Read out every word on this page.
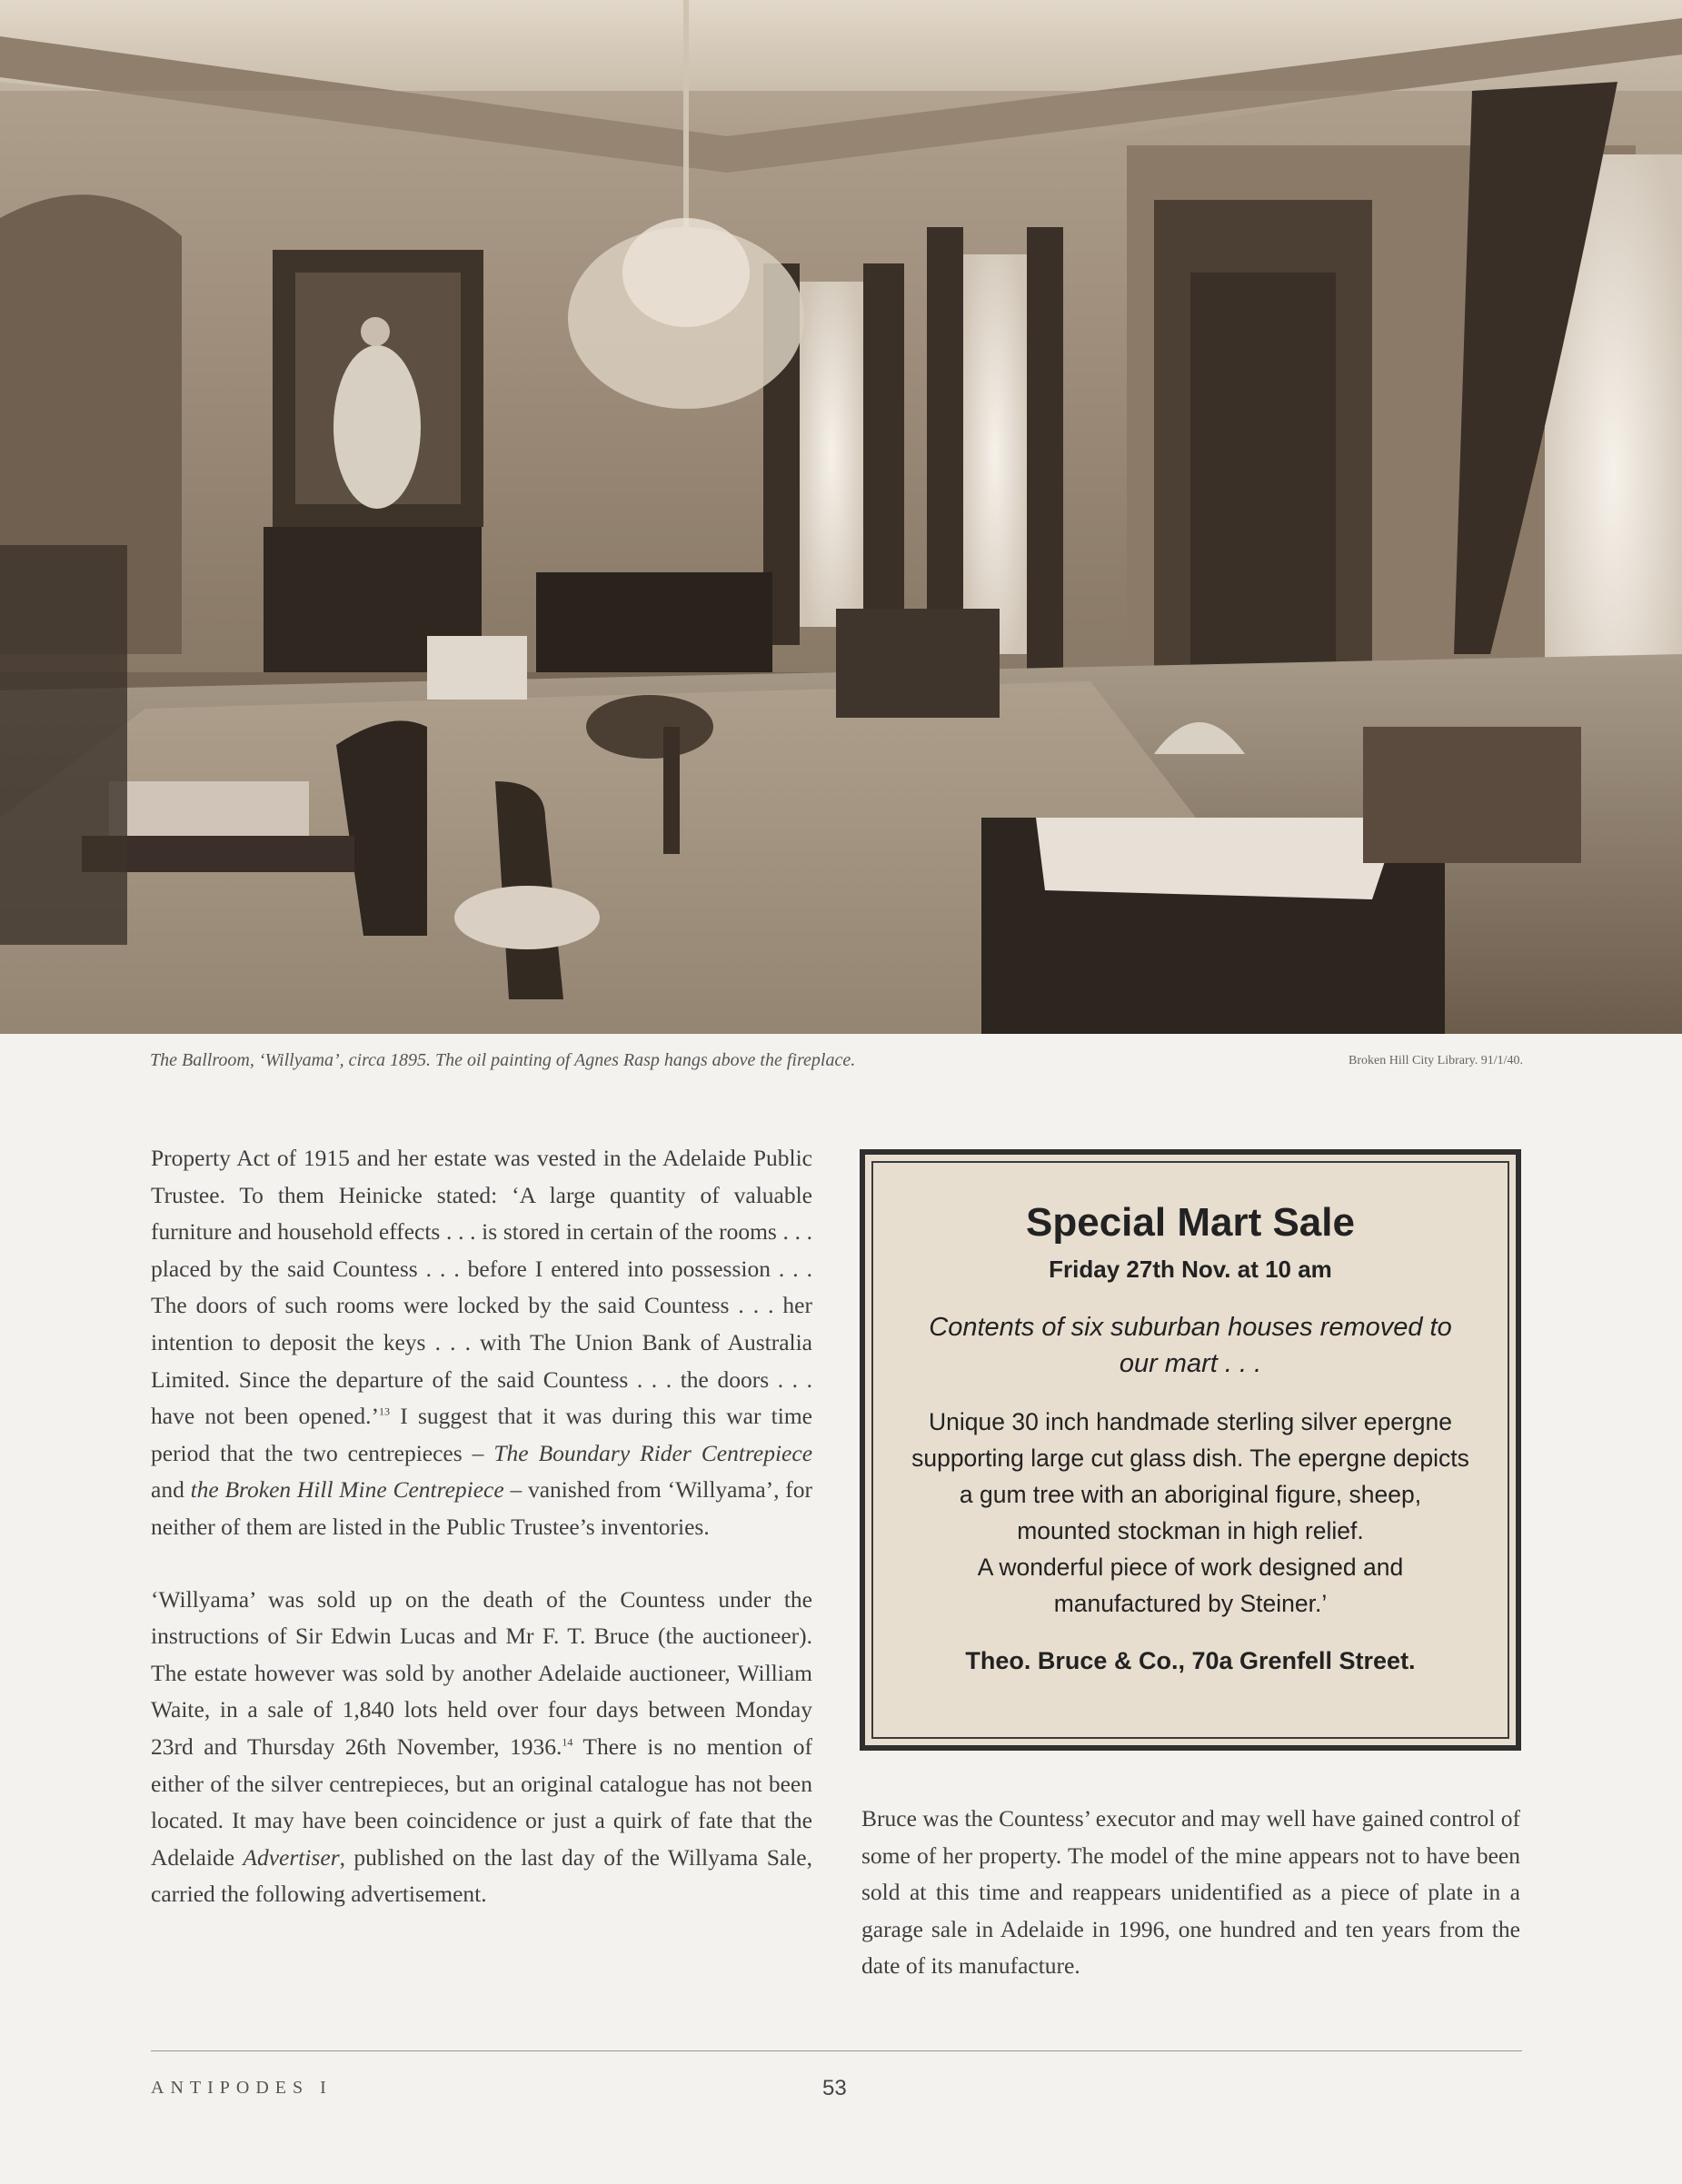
The Ballroom, ‘Willyama’, circa 1895. The oil painting of Agnes Rasp hangs above the fireplace.	Broken Hill City Library. 91/1/40.

Property Act of 1915 and her estate was vested in the Adelaide Public Trustee. To them Heinicke stated: ‘A large quantity of valuable furniture and household effects . . . is stored in certain of the rooms . . . placed by the said Countess . . . before I entered into possession . . . The doors of such rooms were locked by the said Countess . . . her intention to deposit the keys . . . with The Union Bank of Australia Limited. Since the departure of the said Countess . . . the doors . . . have not been opened.’$^{13}$ I suggest that it was during this war time period that the two centrepieces – The Boundary Rider Centrepiece and the Broken Hill Mine Centrepiece – vanished from ‘Willyama’, for neither of them are listed in the Public Trustee’s inventories.

‘Willyama’ was sold up on the death of the Countess under the instructions of Sir Edwin Lucas and Mr F. T. Bruce (the auctioneer). The estate however was sold by another Adelaide auctioneer, William Waite, in a sale of 1,840 lots held over four days between Monday 23rd and Thursday 26th November, 1936.14 There is no mention of either of the silver centrepieces, but an original catalogue has not been located. It may have been coincidence or just a quirk of fate that the Adelaide Advertiser, published on the last day of the Willyama Sale, carried the following advertisement.

Special Mart Sale
Friday 27th Nov. at 10 am
Contents of six suburban houses removed to our mart . . .
Unique 30 inch handmade sterling silver epergne supporting large cut glass dish. The epergne depicts a gum tree with an aboriginal figure, sheep, mounted stockman in high relief.
A wonderful piece of work designed and manufactured by Steiner.’
Theo. Bruce & Co., 70a Grenfell Street.

Bruce was the Countess’ executor and may well have gained control of some of her property. The model of the mine appears not to have been sold at this time and reappears unidentified as a piece of plate in a garage sale in Adelaide in 1996, one hundred and ten years from the date of its manufacture.

ANTIPODES I	53
